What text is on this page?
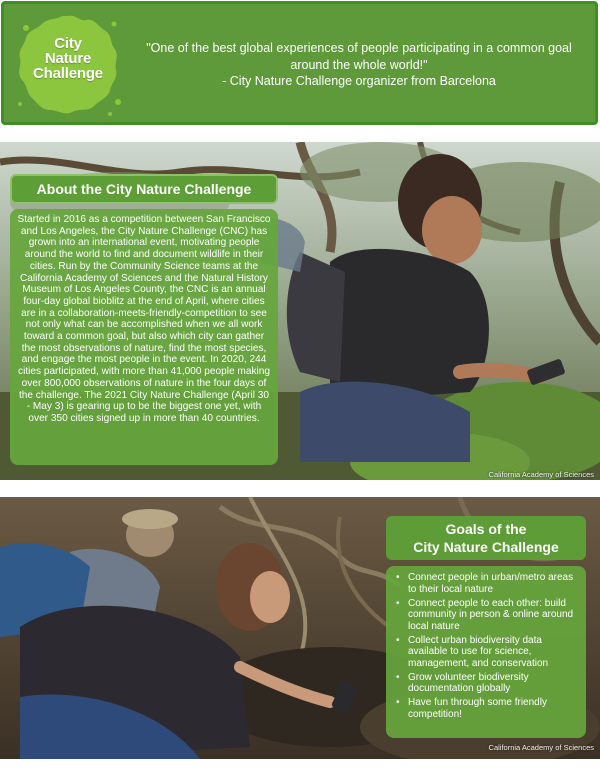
City
Nature
Challenge
"One of the best global experiences of people participating in a common goal around the whole world!"
- City Nature Challenge organizer from Barcelona
California Academy of Sciences
About the City Nature Challenge

Started in 2016 as a competition between San Francisco and Los Angeles, the City Nature Challenge (CNC) has grown into an international event, motivating people around the world to find and document wildlife in their cities. Run by the Community Science teams at the California Academy of Sciences and the Natural History Museum of Los Angeles County, the CNC is an annual four-day global bioblitz at the end of April, where cities are in a collaboration-meets-friendly-competition to see not only what can be accomplished when we all work toward a common goal, but also which city can gather the most observations of nature, find the most species, and engage the most people in the event. In 2020, 244 cities participated, with more than 41,000 people making over 800,000 observations of nature in the four days of the challenge. The 2021 City Nature Challenge (April 30 - May 3) is gearing up to be the biggest one yet, with over 350 cities signed up in more than 40 countries.

California Academy of Sciences
Goals of the
City Nature Challenge
• Connect people in urban/metro areas to their local nature
• Connect people to each other: build community in person & online around local nature
• Collect urban biodiversity data available to use for science, management, and conservation
• Grow volunteer biodiversity documentation globally
• Have fun through some friendly competition!
